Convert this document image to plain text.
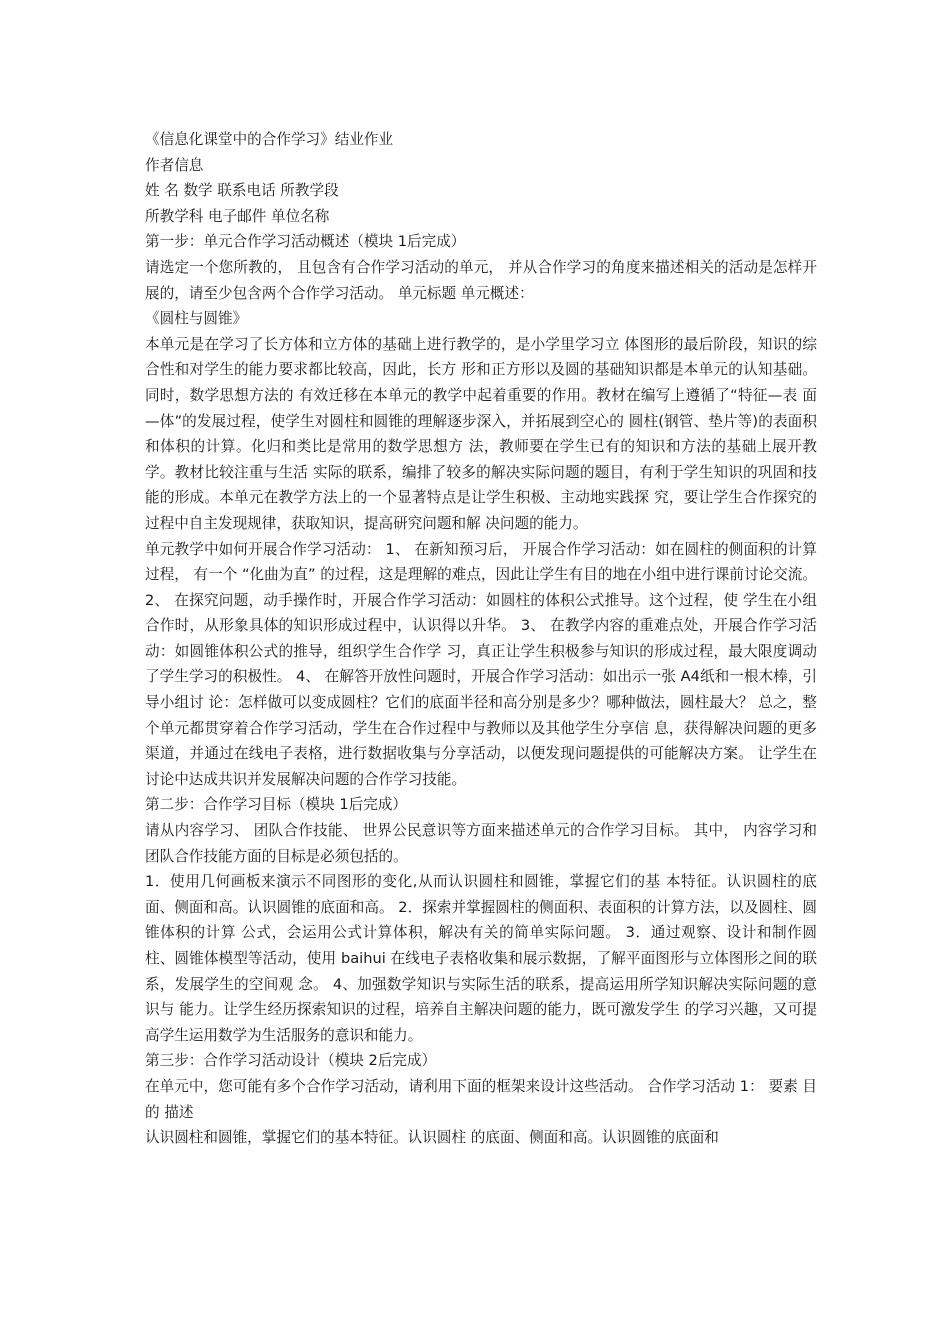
《信息化课堂中的合作学习》结业作业

作者信息

姓 名 数学 联系电话 所教学段

所教学科 电子邮件 单位名称

第一步：单元合作学习活动概述（模块 1后完成）

请选定一个您所教的， 且包含有合作学习活动的单元， 并从合作学习的角度来描述相关的活动是怎样开展的，请至少包含两个合作学习活动。 单元标题 单元概述：

《圆柱与圆锥》

本单元是在学习了长方体和立方体的基础上进行教学的，是小学里学习立 体图形的最后阶段，知识的综合性和对学生的能力要求都比较高，因此，长方 形和正方形以及圆的基础知识都是本单元的认知基础。同时，数学思想方法的 有效迁移在本单元的教学中起着重要的作用。教材在编写上遵循了“特征—表 面—体”的发展过程，使学生对圆柱和圆锥的理解逐步深入，并拓展到空心的 圆柱(钢管、垫片等)的表面积和体积的计算。化归和类比是常用的数学思想方 法，教师要在学生已有的知识和方法的基础上展开教学。教材比较注重与生活 实际的联系，编排了较多的解决实际问题的题目，有利于学生知识的巩固和技 能的形成。本单元在教学方法上的一个显著特点是让学生积极、主动地实践探 究，要让学生合作探究的过程中自主发现规律，获取知识，提高研究问题和解 决问题的能力。

单元教学中如何开展合作学习活动： 1、 在新知预习后， 开展合作学习活动：如在圆柱的侧面积的计算过程， 有一个 “化曲为直” 的过程，这是理解的难点，因此让学生有目的地在小组中进行课前讨论交流。 2、 在探究问题，动手操作时，开展合作学习活动：如圆柱的体积公式推导。这个过程，使 学生在小组合作时，从形象具体的知识形成过程中，认识得以升华。 3、 在教学内容的重难点处，开展合作学习活动：如圆锥体积公式的推导，组织学生合作学 习，真正让学生积极参与知识的形成过程，最大限度调动了学生学习的积极性。 4、 在解答开放性问题时，开展合作学习活动：如出示一张 A4纸和一根木棒，引导小组讨 论：怎样做可以变成圆柱？它们的底面半径和高分别是多少？哪种做法，圆柱最大？ 总之，整个单元都贯穿着合作学习活动，学生在合作过程中与教师以及其他学生分享信 息，获得解决问题的更多渠道，并通过在线电子表格，进行数据收集与分享活动，以便发现问题提供的可能解决方案。 让学生在讨论中达成共识并发展解决问题的合作学习技能。

第二步：合作学习目标（模块 1后完成）

请从内容学习、 团队合作技能、 世界公民意识等方面来描述单元的合作学习目标。 其中， 内容学习和团队合作技能方面的目标是必须包括的。

1．使用几何画板来演示不同图形的变化,从而认识圆柱和圆锥，掌握它们的基 本特征。认识圆柱的底面、侧面和高。认识圆锥的底面和高。 2．探索并掌握圆柱的侧面积、表面积的计算方法，以及圆柱、圆锥体积的计算 公式，会运用公式计算体积，解决有关的简单实际问题。 3．通过观察、设计和制作圆柱、圆锥体模型等活动，使用 baihui 在线电子表格收集和展示数据，了解平面图形与立体图形之间的联系，发展学生的空间观 念。 4、加强数学知识与实际生活的联系，提高运用所学知识解决实际问题的意识与 能力。让学生经历探索知识的过程，培养自主解决问题的能力，既可激发学生 的学习兴趣，又可提高学生运用数学为生活服务的意识和能力。

第三步：合作学习活动设计（模块 2后完成）

在单元中，您可能有多个合作学习活动，请利用下面的框架来设计这些活动。 合作学习活动 1： 要素 目的 描述

认识圆柱和圆锥，掌握它们的基本特征。认识圆柱 的底面、侧面和高。认识圆锥的底面和
